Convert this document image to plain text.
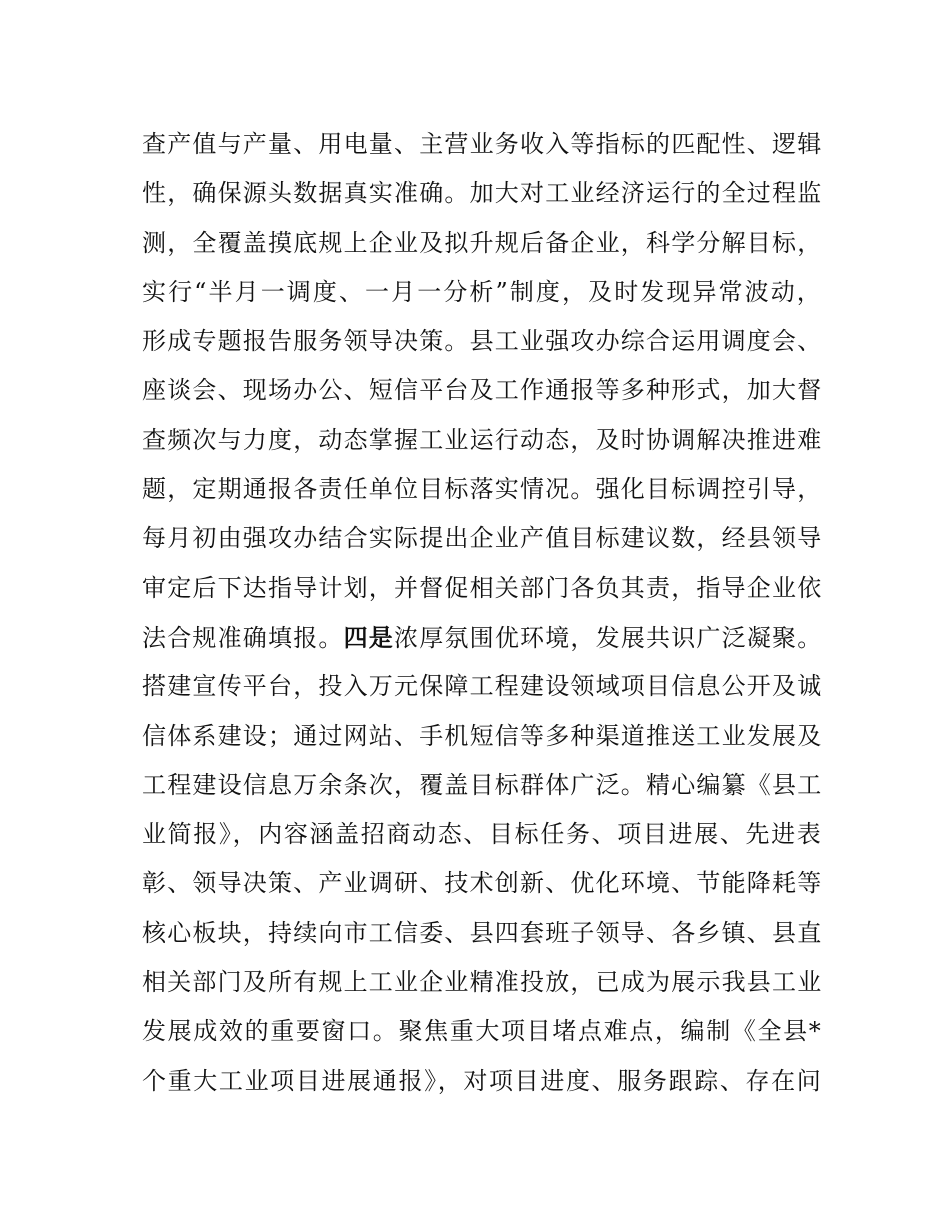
查产值与产量、用电量、主营业务收入等指标的匹配性、逻辑
性，确保源头数据真实准确。加大对工业经济运行的全过程监
测，全覆盖摸底规上企业及拟升规后备企业，科学分解目标，
实行“半月一调度、一月一分析”制度，及时发现异常波动，
形成专题报告服务领导决策。县工业强攻办综合运用调度会、
座谈会、现场办公、短信平台及工作通报等多种形式，加大督
查频次与力度，动态掌握工业运行动态，及时协调解决推进难
题，定期通报各责任单位目标落实情况。强化目标调控引导，
每月初由强攻办结合实际提出企业产值目标建议数，经县领导
审定后下达指导计划，并督促相关部门各负其责，指导企业依
法合规准确填报。四是浓厚氛围优环境，发展共识广泛凝聚。
搭建宣传平台，投入万元保障工程建设领域项目信息公开及诚
信体系建设；通过网站、手机短信等多种渠道推送工业发展及
工程建设信息万余条次，覆盖目标群体广泛。精心编纂《县工
业简报》，内容涵盖招商动态、目标任务、项目进展、先进表
彰、领导决策、产业调研、技术创新、优化环境、节能降耗等
核心板块，持续向市工信委、县四套班子领导、各乡镇、县直
相关部门及所有规上工业企业精准投放，已成为展示我县工业
发展成效的重要窗口。聚焦重大项目堵点难点，编制《全县*
个重大工业项目进展通报》，对项目进度、服务跟踪、存在问
